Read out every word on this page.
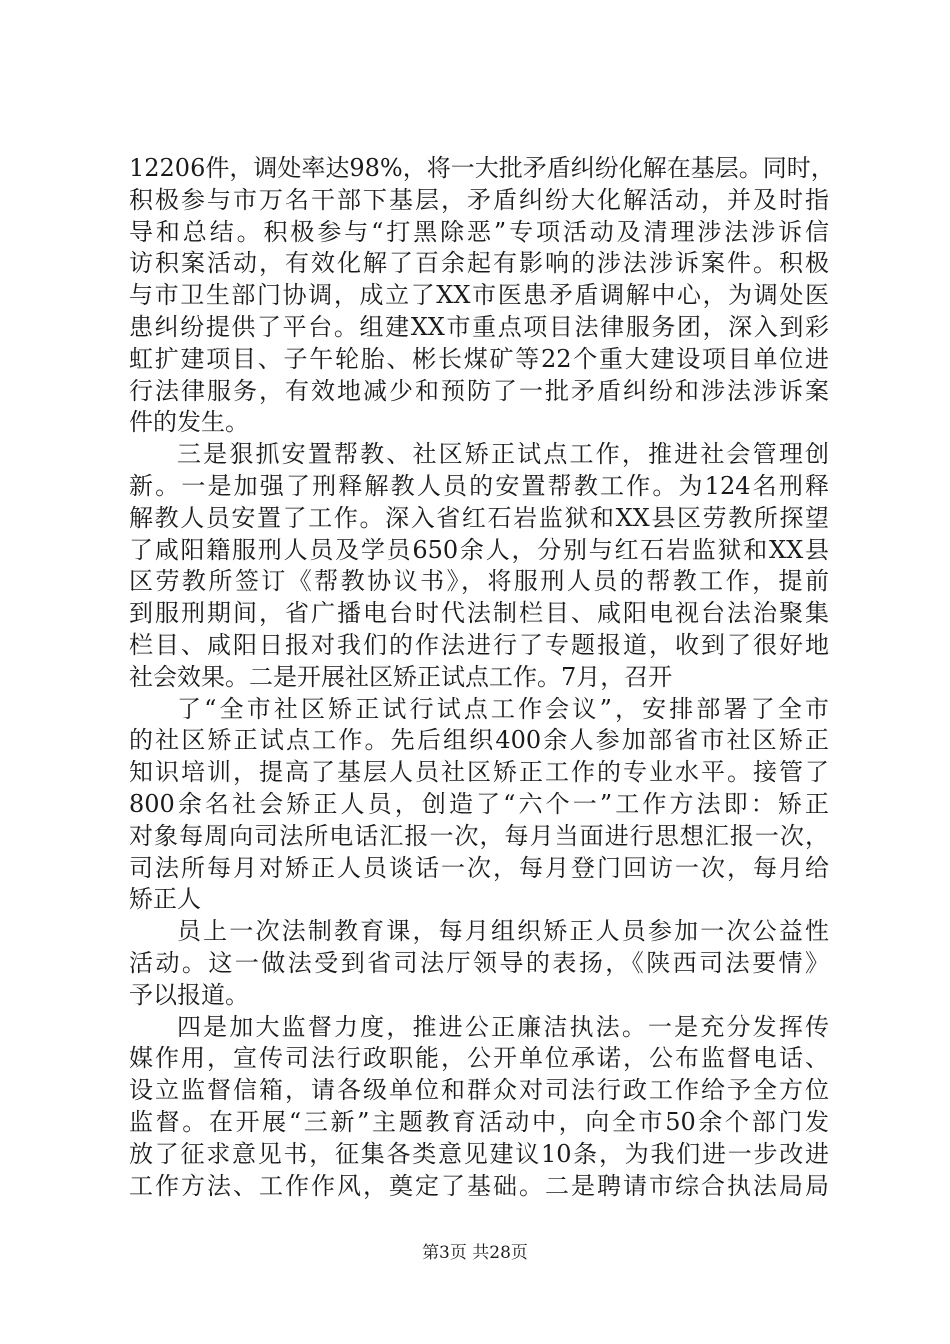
12206件，调处率达98%，将一大批矛盾纠纷化解在基层。同时，
积极参与市万名干部下基层，矛盾纠纷大化解活动，并及时指
导和总结。积极参与“打黑除恶”专项活动及清理涉法涉诉信
访积案活动，有效化解了百余起有影响的涉法涉诉案件。积极
与市卫生部门协调，成立了XX市医患矛盾调解中心，为调处医
患纠纷提供了平台。组建XX市重点项目法律服务团，深入到彩
虹扩建项目、子午轮胎、彬长煤矿等22个重大建设项目单位进
行法律服务，有效地减少和预防了一批矛盾纠纷和涉法涉诉案
件的发生。
三是狠抓安置帮教、社区矫正试点工作，推进社会管理创
新。一是加强了刑释解教人员的安置帮教工作。为124名刑释
解教人员安置了工作。深入省红石岩监狱和XX县区劳教所探望
了咸阳籍服刑人员及学员650余人，分别与红石岩监狱和XX县
区劳教所签订《帮教协议书》，将服刑人员的帮教工作，提前
到服刑期间，省广播电台时代法制栏目、咸阳电视台法治聚集
栏目、咸阳日报对我们的作法进行了专题报道，收到了很好地
社会效果。二是开展社区矫正试点工作。7月，召开
了“全市社区矫正试行试点工作会议”，安排部署了全市
的社区矫正试点工作。先后组织400余人参加部省市社区矫正
知识培训，提高了基层人员社区矫正工作的专业水平。接管了
800余名社会矫正人员，创造了“六个一”工作方法即：矫正
对象每周向司法所电话汇报一次，每月当面进行思想汇报一次，
司法所每月对矫正人员谈话一次，每月登门回访一次，每月给
矫正人
员上一次法制教育课，每月组织矫正人员参加一次公益性
活动。这一做法受到省司法厅领导的表扬，《陕西司法要情》
予以报道。
四是加大监督力度，推进公正廉洁执法。一是充分发挥传
媒作用，宣传司法行政职能，公开单位承诺，公布监督电话、
设立监督信箱，请各级单位和群众对司法行政工作给予全方位
监督。在开展“三新”主题教育活动中，向全市50余个部门发
放了征求意见书，征集各类意见建议10条，为我们进一步改进
工作方法、工作作风，奠定了基础。二是聘请市综合执法局局
第3页 共28页
